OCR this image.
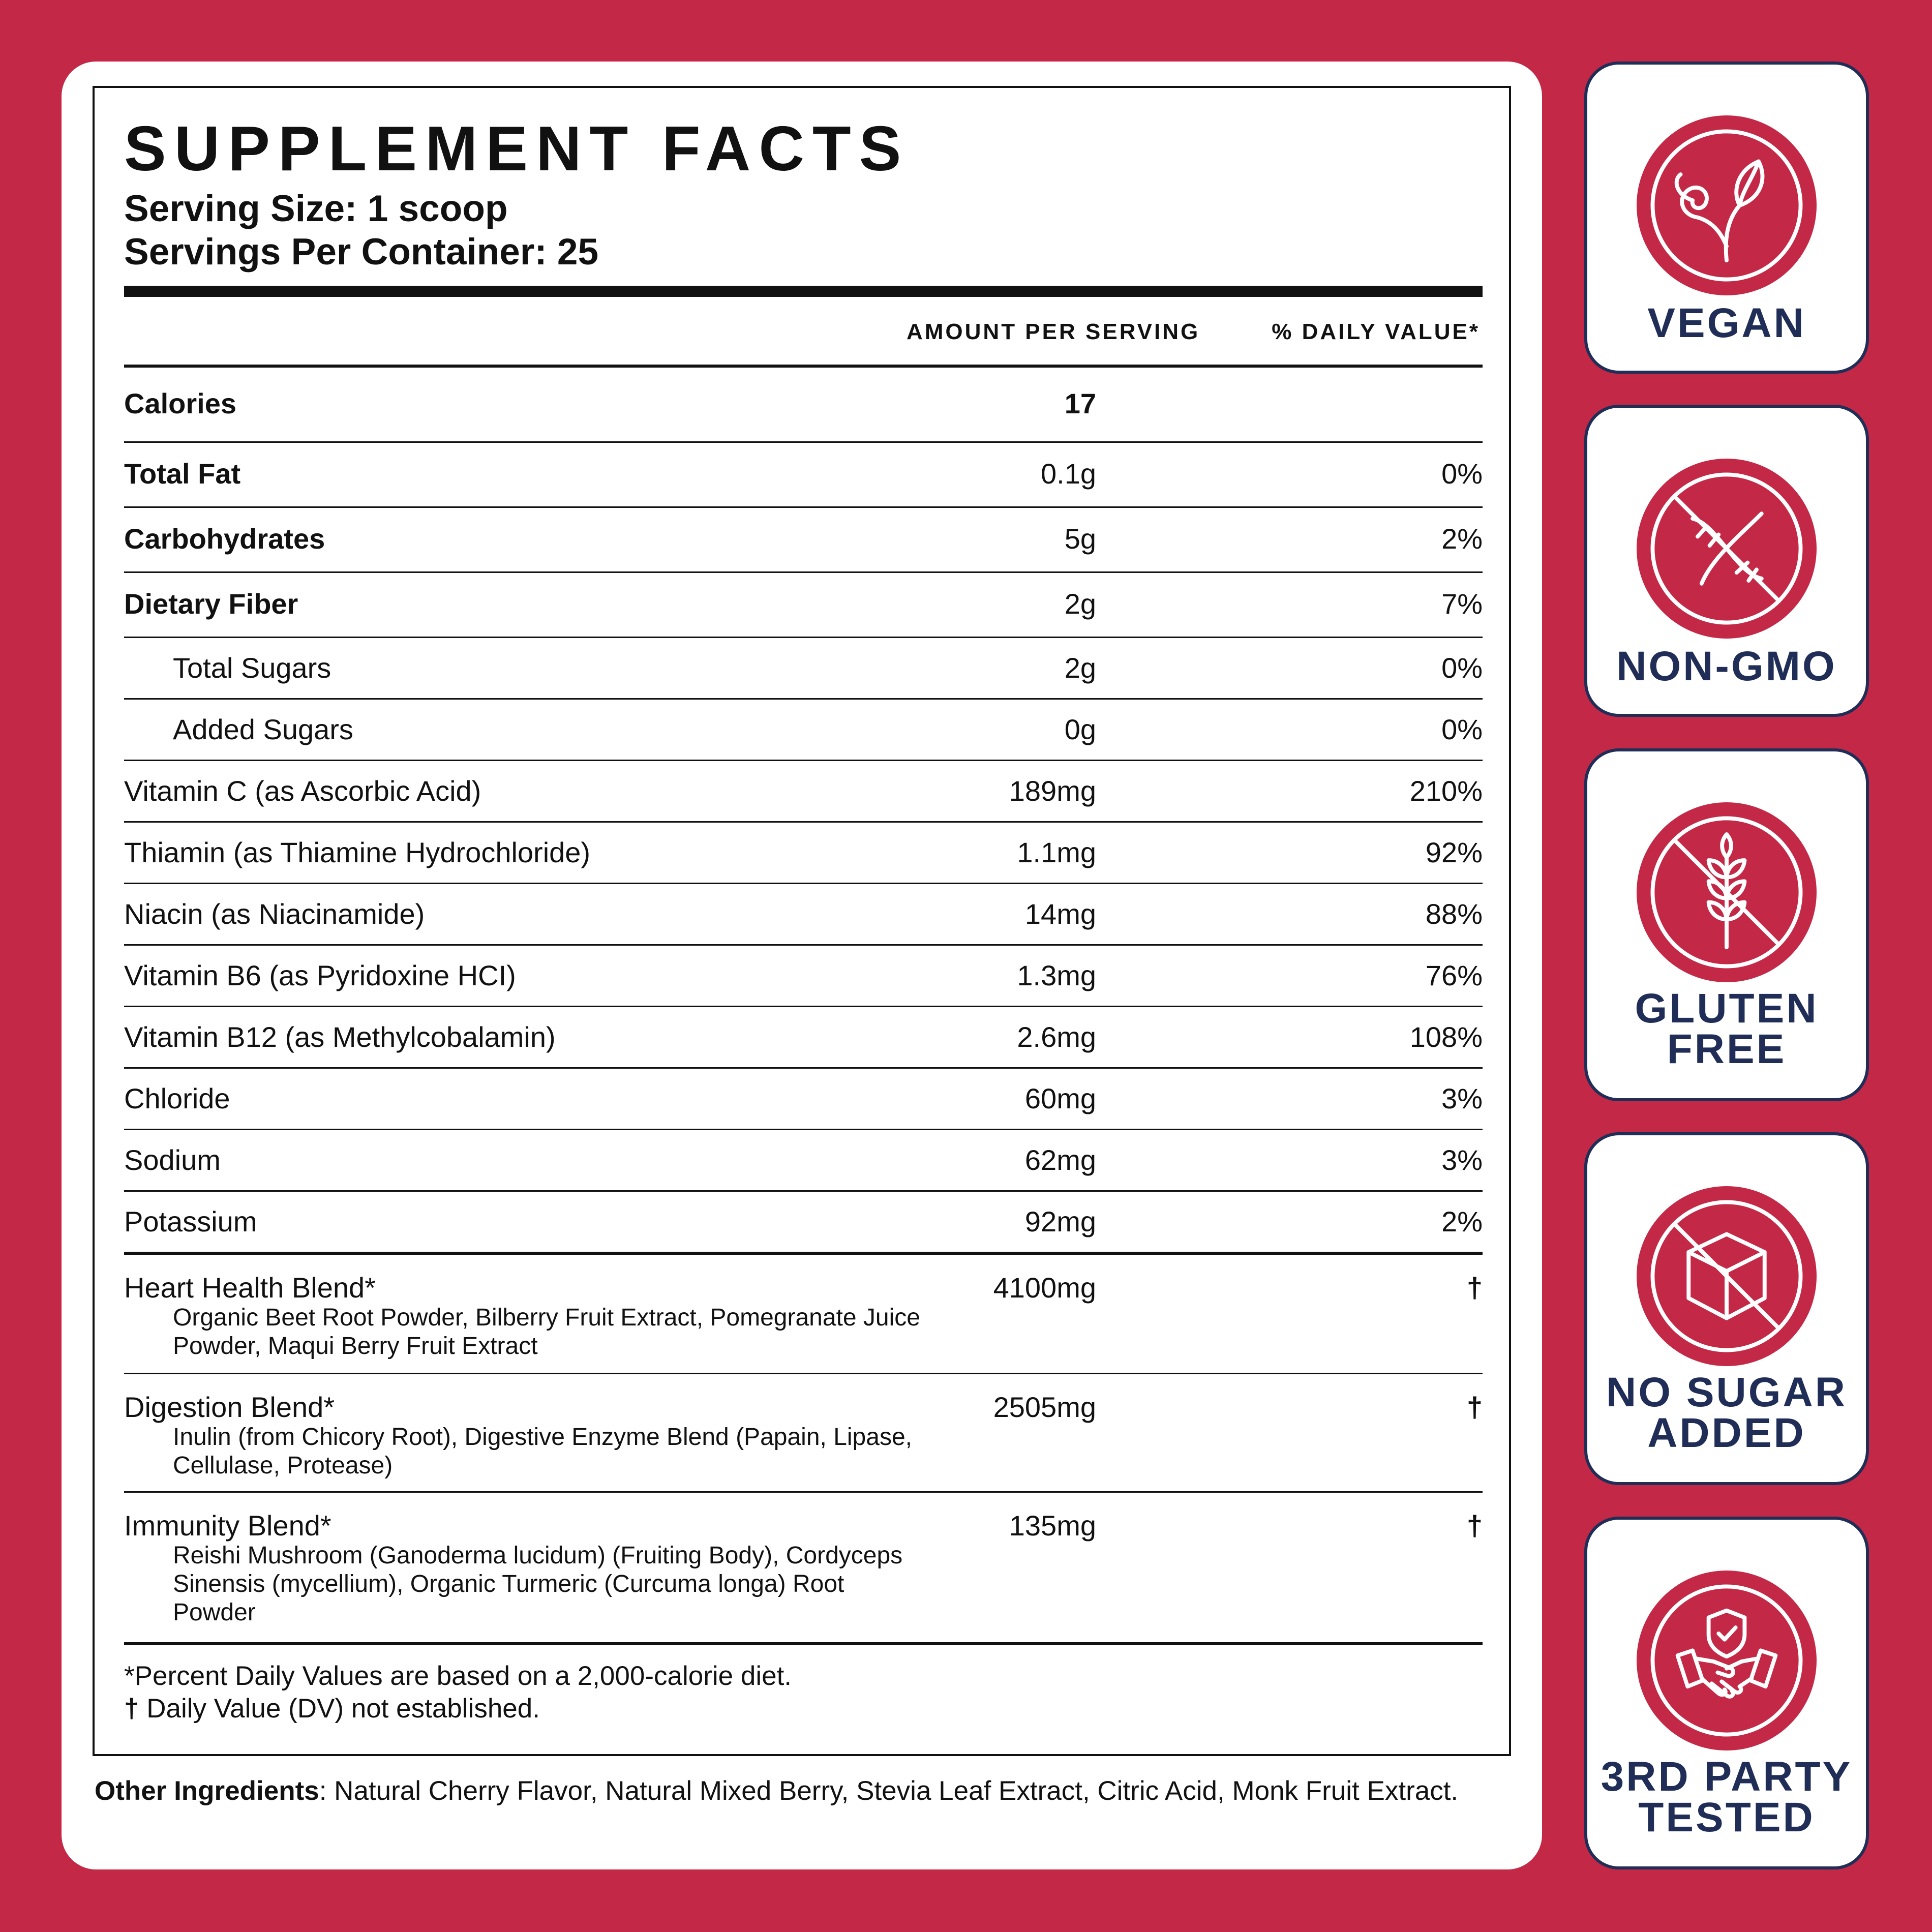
SUPPLEMENT FACTS
Serving Size: 1 scoop
Servings Per Container: 25
AMOUNT PER SERVING	% DAILY VALUE*
Calories	17
Total Fat	0.1g	0%
Carbohydrates	5g	2%
Dietary Fiber	2g	7%
Total Sugars	2g	0%
Added Sugars	0g	0%
Vitamin C (as Ascorbic Acid)	189mg	210%
Thiamin (as Thiamine Hydrochloride)	1.1mg	92%
Niacin (as Niacinamide)	14mg	88%
Vitamin B6 (as Pyridoxine HCI)	1.3mg	76%
Vitamin B12 (as Methylcobalamin)	2.6mg	108%
Chloride	60mg	3%
Sodium	62mg	3%
Potassium	92mg	2%
Heart Health Blend*	4100mg	†
Organic Beet Root Powder, Bilberry Fruit Extract, Pomegranate Juice Powder, Maqui Berry Fruit Extract
Digestion Blend*	2505mg	†
Inulin (from Chicory Root), Digestive Enzyme Blend (Papain, Lipase, Cellulase, Protease)
Immunity Blend*	135mg	†
Reishi Mushroom (Ganoderma lucidum) (Fruiting Body), Cordyceps Sinensis (mycellium), Organic Turmeric (Curcuma longa) Root Powder
*Percent Daily Values are based on a 2,000-calorie diet.
† Daily Value (DV) not established.
Other Ingredients: Natural Cherry Flavor, Natural Mixed Berry, Stevia Leaf Extract, Citric Acid, Monk Fruit Extract.
VEGAN
NON-GMO
GLUTEN
FREE
NO SUGAR
ADDED
3RD PARTY
TESTED
